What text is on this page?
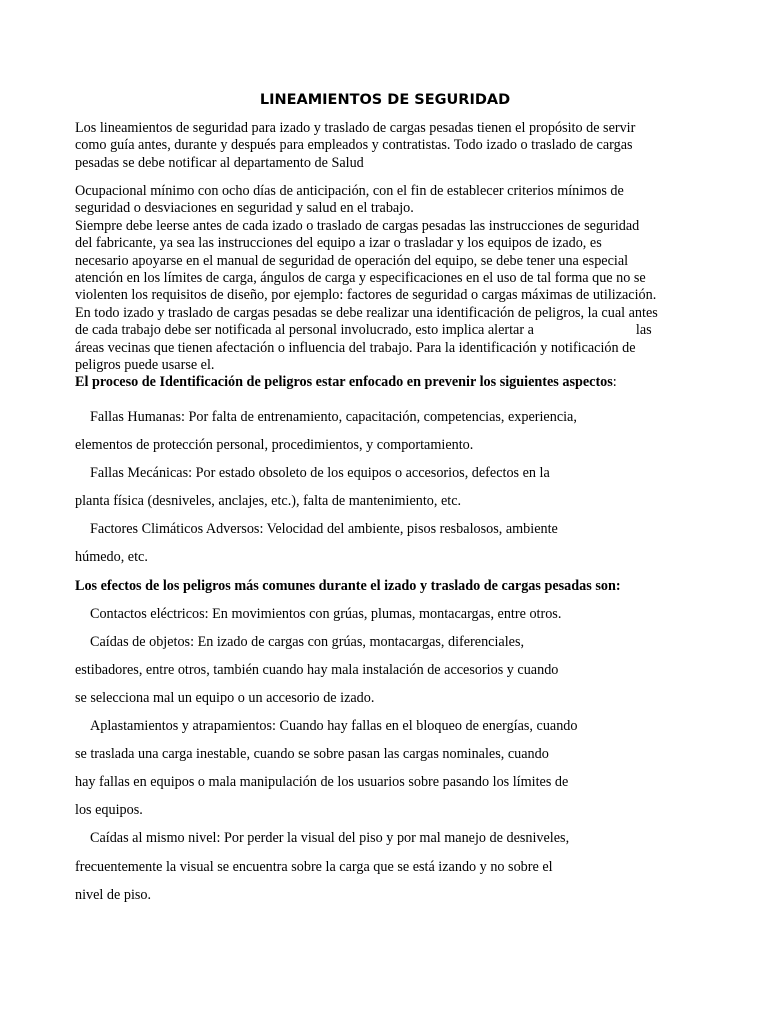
LINEAMIENTOS DE SEGURIDAD

Los lineamientos de seguridad para izado y traslado de cargas pesadas tienen el propósito de servir

como guía antes, durante y después para empleados y contratistas. Todo izado o traslado de cargas

pesadas se debe notificar al departamento de Salud

Ocupacional mínimo con ocho días de anticipación, con el fin de establecer criterios mínimos de

seguridad o desviaciones en seguridad y salud en el trabajo.

Siempre debe leerse antes de cada izado o traslado de cargas pesadas las instrucciones de seguridad

del fabricante, ya sea las instrucciones del equipo a izar o trasladar y los equipos de izado, es

necesario apoyarse en el manual de seguridad de operación del equipo, se debe tener una especial

atención en los límites de carga, ángulos de carga y especificaciones en el uso de tal forma que no se

violenten los requisitos de diseño, por ejemplo: factores de seguridad o cargas máximas de utilización.

En todo izado y traslado de cargas pesadas se debe realizar una identificación de peligros, la cual antes

de cada trabajo debe ser notificada al personal involucrado, esto implica alertar a	las

áreas vecinas que tienen afectación o influencia del trabajo. Para la identificación y notificación de

peligros puede usarse el.

El proceso de Identificación de peligros estar enfocado en prevenir los siguientes aspectos:

Fallas Humanas: Por falta de entrenamiento, capacitación, competencias, experiencia,

elementos de protección personal, procedimientos, y comportamiento.

Fallas Mecánicas: Por estado obsoleto de los equipos o accesorios, defectos en la

planta física (desniveles, anclajes, etc.), falta de mantenimiento, etc.

Factores Climáticos Adversos: Velocidad del ambiente, pisos resbalosos, ambiente

húmedo, etc.

Los efectos de los peligros más comunes durante el izado y traslado de cargas pesadas son:

Contactos eléctricos: En movimientos con grúas, plumas, montacargas, entre otros.

Caídas de objetos: En izado de cargas con grúas, montacargas, diferenciales,

estibadores, entre otros, también cuando hay mala instalación de accesorios y cuando

se selecciona mal un equipo o un accesorio de izado.

Aplastamientos y atrapamientos: Cuando hay fallas en el bloqueo de energías, cuando

se traslada una carga inestable, cuando se sobre pasan las cargas nominales, cuando

hay fallas en equipos o mala manipulación de los usuarios sobre pasando los límites de

los equipos.

Caídas al mismo nivel: Por perder la visual del piso y por mal manejo de desniveles,

frecuentemente la visual se encuentra sobre la carga que se está izando y no sobre el

nivel de piso.
